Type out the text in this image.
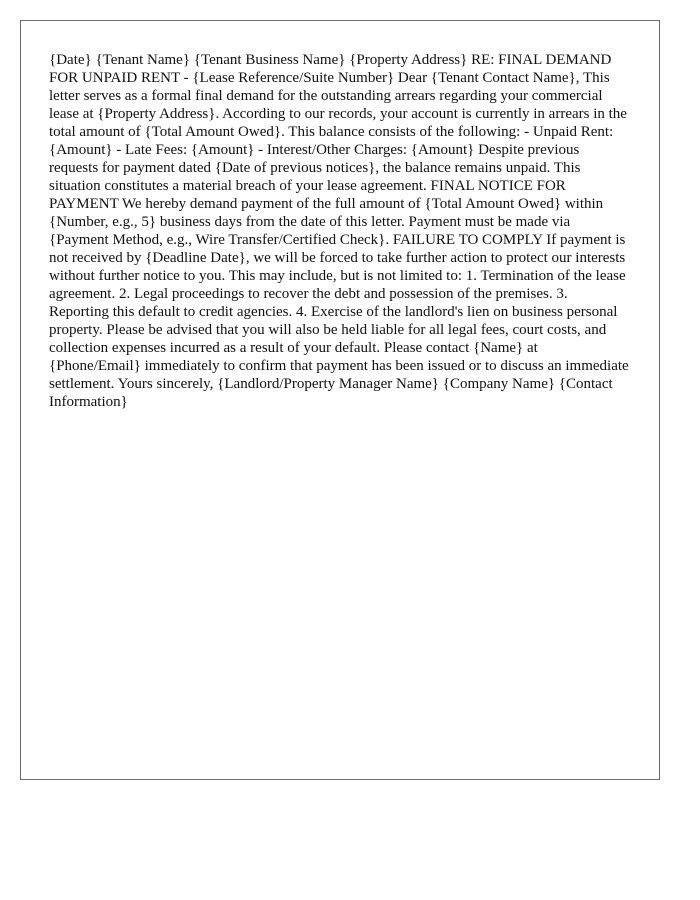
{Date} {Tenant Name} {Tenant Business Name} {Property Address} RE: FINAL DEMAND FOR UNPAID RENT - {Lease Reference/Suite Number} Dear {Tenant Contact Name}, This letter serves as a formal final demand for the outstanding arrears regarding your commercial lease at {Property Address}. According to our records, your account is currently in arrears in the total amount of {Total Amount Owed}. This balance consists of the following: - Unpaid Rent: {Amount} - Late Fees: {Amount} - Interest/Other Charges: {Amount} Despite previous requests for payment dated {Date of previous notices}, the balance remains unpaid. This situation constitutes a material breach of your lease agreement. FINAL NOTICE FOR PAYMENT We hereby demand payment of the full amount of {Total Amount Owed} within {Number, e.g., 5} business days from the date of this letter. Payment must be made via {Payment Method, e.g., Wire Transfer/Certified Check}. FAILURE TO COMPLY If payment is not received by {Deadline Date}, we will be forced to take further action to protect our interests without further notice to you. This may include, but is not limited to: 1. Termination of the lease agreement. 2. Legal proceedings to recover the debt and possession of the premises. 3. Reporting this default to credit agencies. 4. Exercise of the landlord's lien on business personal property. Please be advised that you will also be held liable for all legal fees, court costs, and collection expenses incurred as a result of your default. Please contact {Name} at {Phone/Email} immediately to confirm that payment has been issued or to discuss an immediate settlement. Yours sincerely, {Landlord/Property Manager Name} {Company Name} {Contact Information}
